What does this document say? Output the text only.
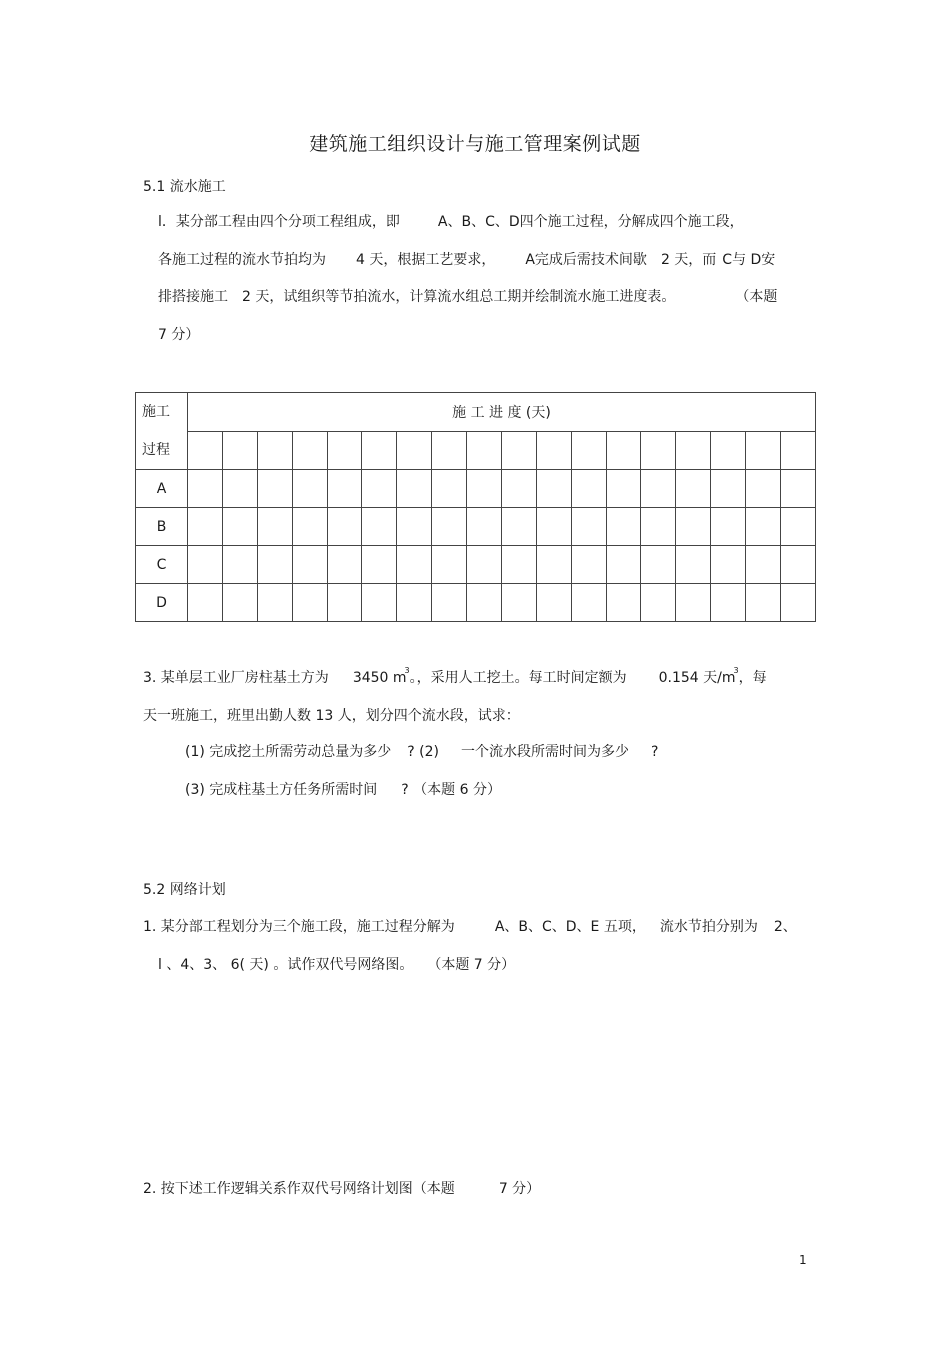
建筑施工组织设计与施工管理案例试题
5.1 流水施工
l．某分部工程由四个分项工程组成，即	A、B、C、D四个施工过程，分解成四个施工段，
各施工过程的流水节拍均为 4 天，根据工艺要求， A完成后需技术间歇 2 天，而 C与 D安
排搭接施工 2 天，试组织等节拍流水，计算流水组总工期并绘制流水施工进度表。	（本题
7 分）
施工
过程	施 工 进 度 (天)																	

A																		
B																		
C																		
D																		
3. 某单层工业厂房柱基土方为 3450 $m^3$。，采用人工挖土。每工时间定额为 0.154 天$/m^3$，每
天一班施工，班里出勤人数 13 人，划分四个流水段，试求：
(1) 完成挖土所需劳动总量为多少 ? (2) 一个流水段所需时间为多少 ?
(3) 完成柱基土方任务所需时间 ? （本题 6 分）
5.2 网络计划
1. 某分部工程划分为三个施工段，施工过程分解为	A、B、C、D、E 五项， 流水节拍分别为 2、
l 、4、3、 6( 天) 。试作双代号网络图。 （本题 7 分）
2. 按下述工作逻辑关系作双代号网络计划图（本题	7 分）
1
